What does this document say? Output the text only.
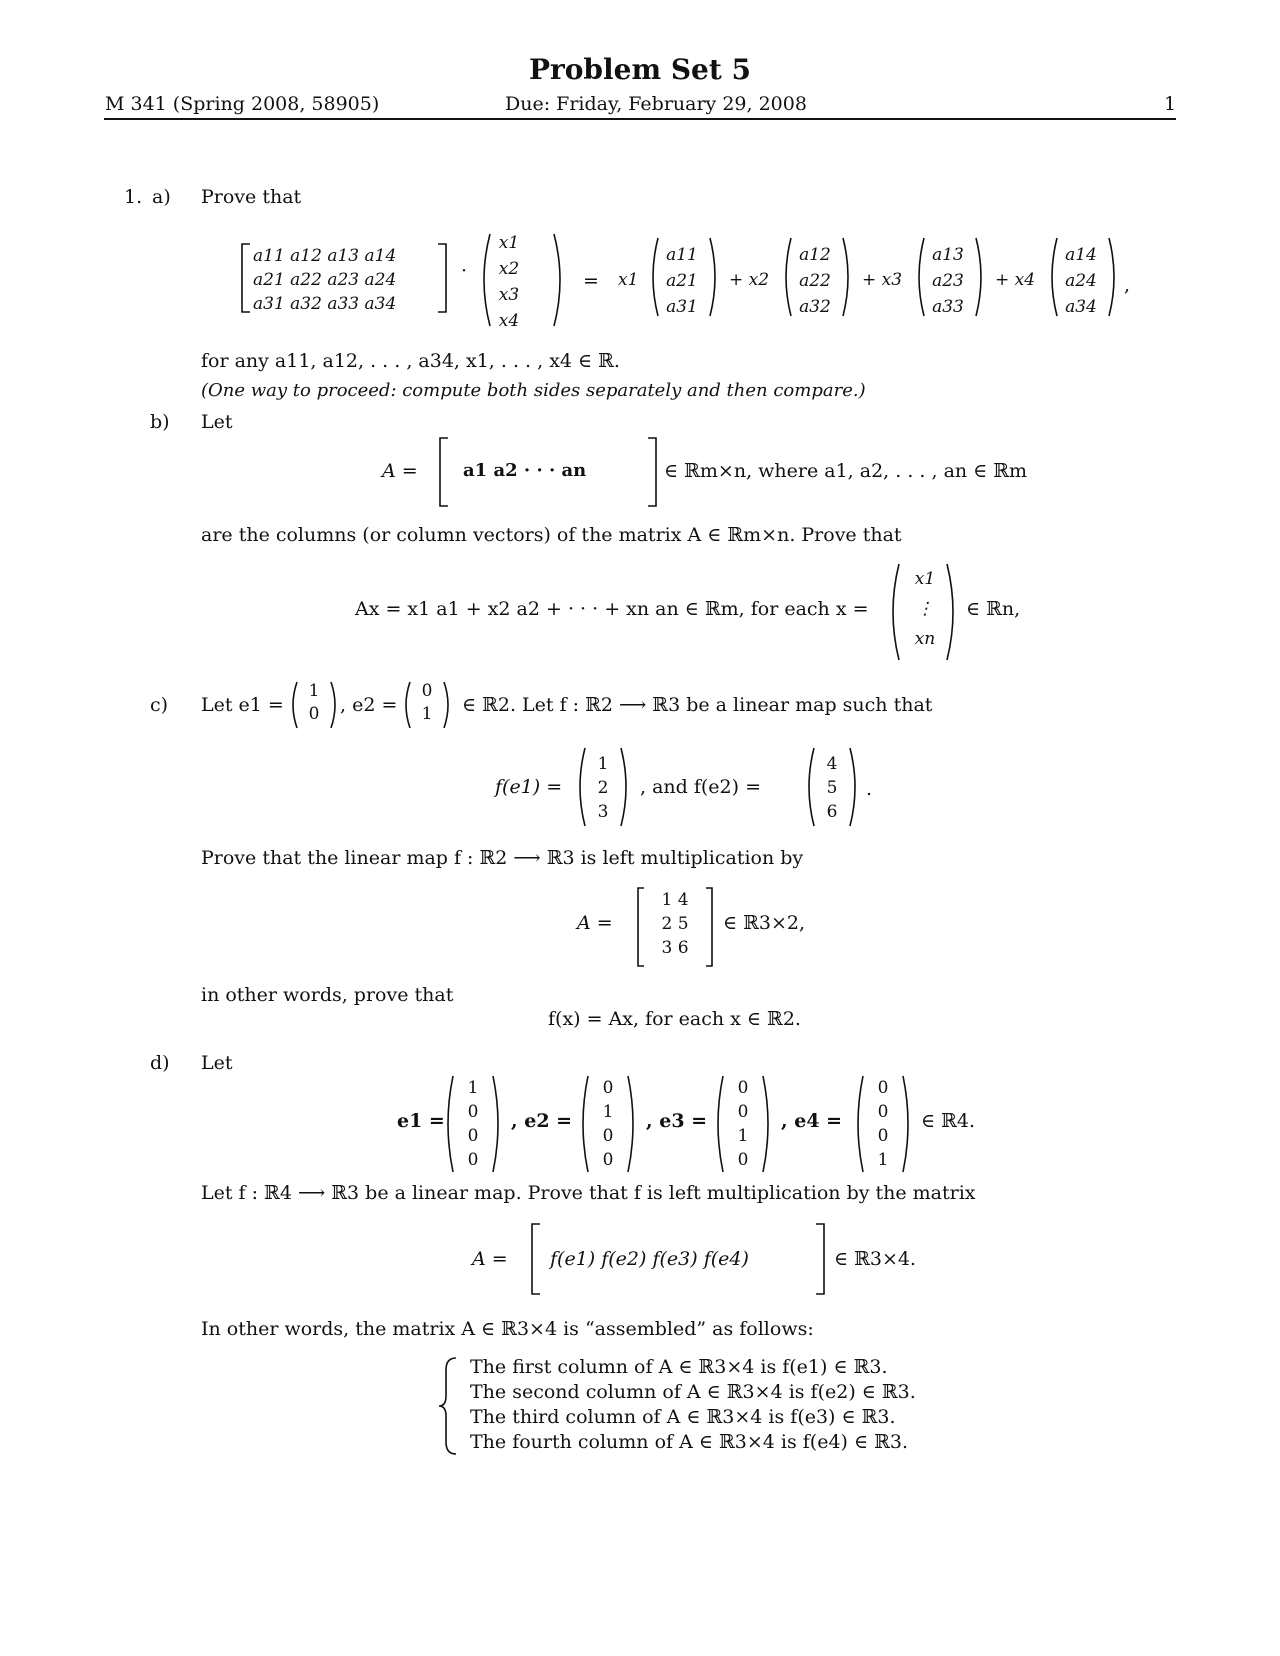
Problem Set 5
M 341 (Spring 2008, 58905)	Due: Friday, February 29, 2008	1
1. a) Prove that
a11 a12 a13 a14
a21 a22 a23 a24
a31 a32 a33 a34
·
x1
x2
x3
x4
= x1
a11
a21
a31
+ x2
a12
a22
a32
+ x3
a13
a23
a33
+ x4
a14
a24
a34
,
for any a11, a12, . . . , a34, x1, . . . , x4 ∈ ℝ.
(One way to proceed: compute both sides separately and then compare.)
b) Let
A =	a1 a2 · · · an	∈ ℝm×n, where a1, a2, . . . , an ∈ ℝm
are the columns (or column vectors) of the matrix A ∈ ℝm×n. Prove that
Ax = x1 a1 + x2 a2 + · · · + xn an ∈ ℝm, for each x =
x1
⋮
xn
∈ ℝn,
c) Let e1 =
1
0	, e2 =
0
1	∈ ℝ2. Let f : ℝ2 ⟶ ℝ3 be a linear map such that
f(e1) =
1
2
3
, and f(e2) =
4
5
6
.
Prove that the linear map f : ℝ2 ⟶ ℝ3 is left multiplication by
A =
1 4
2 5
3 6
∈ ℝ3×2,
in other words, prove that
f(x) = Ax, for each x ∈ ℝ2.
d) Let
e1 =
1
0
0
0
, e2 =
0
1
0
0
, e3 =
0
0
1
0
, e4 =
0
0
0
1
∈ ℝ4.
Let f : ℝ4 ⟶ ℝ3 be a linear map. Prove that f is left multiplication by the matrix
A = f(e1) f(e2) f(e3) f(e4)	∈ ℝ3×4.
In other words, the matrix A ∈ ℝ3×4 is “assembled” as follows:
The first column of A ∈ ℝ3×4 is f(e1) ∈ ℝ3.
The second column of A ∈ ℝ3×4 is f(e2) ∈ ℝ3.
The third column of A ∈ ℝ3×4 is f(e3) ∈ ℝ3.
The fourth column of A ∈ ℝ3×4 is f(e4) ∈ ℝ3.
